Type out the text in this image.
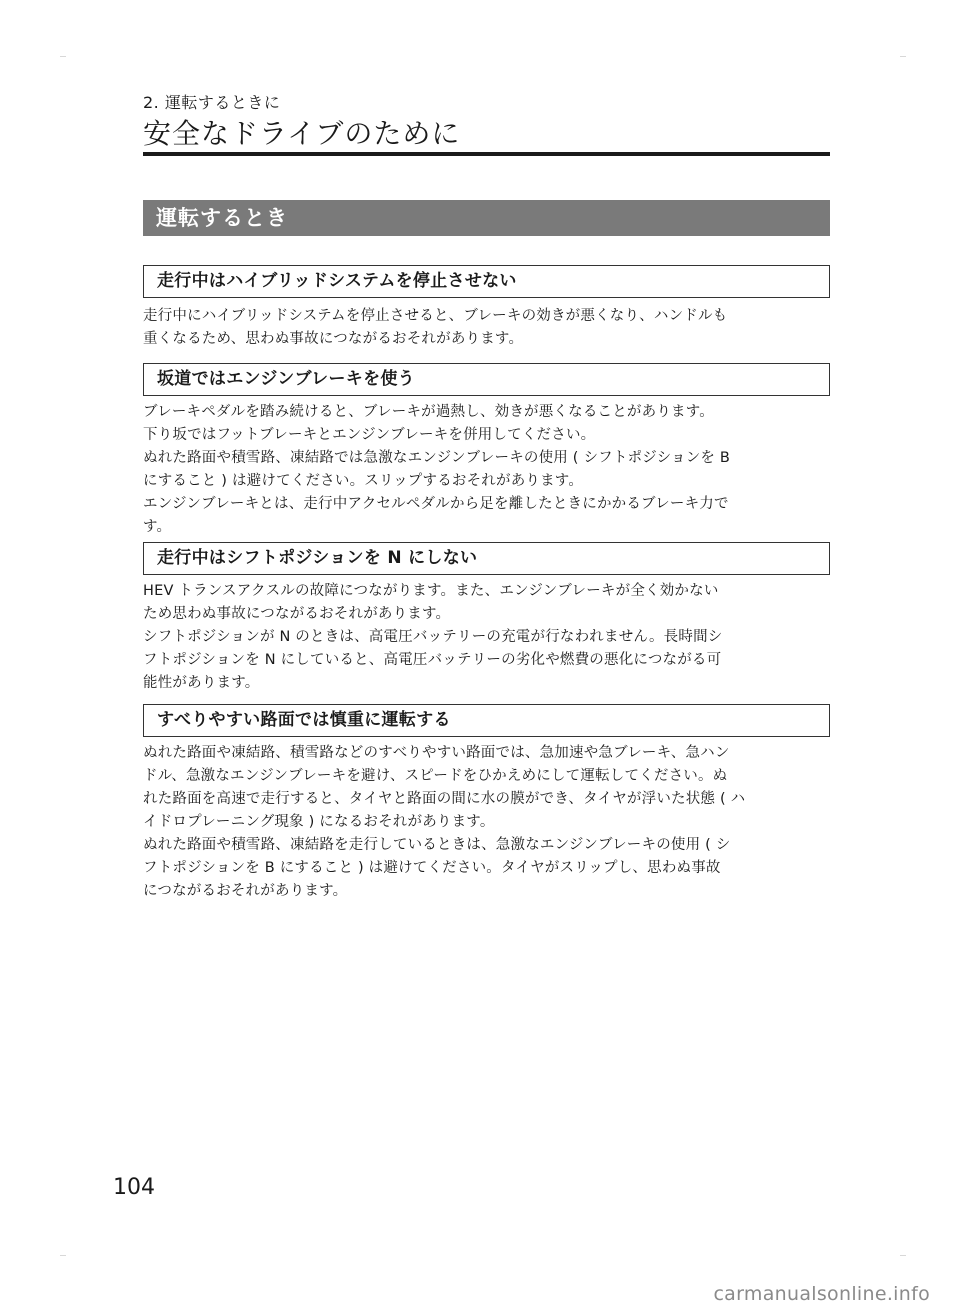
2. 運転するときに
安全なドライブのために
運転するとき
走行中はハイブリッドシステムを停止させない
走行中にハイブリッドシステムを停止させると、ブレーキの効きが悪くなり、ハンドルも
重くなるため、思わぬ事故につながるおそれがあります。
坂道ではエンジンブレーキを使う
ブレーキペダルを踏み続けると、ブレーキが過熱し、効きが悪くなることがあります。
下り坂ではフットブレーキとエンジンブレーキを併用してください。
ぬれた路面や積雪路、凍結路では急激なエンジンブレーキの使用 ( シフトポジションを B
にすること ) は避けてください。スリップするおそれがあります。
エンジンブレーキとは、走行中アクセルペダルから足を離したときにかかるブレーキ力で
す。
走行中はシフトポジションを N にしない
HEV トランスアクスルの故障につながります。また、エンジンブレーキが全く効かない
ため思わぬ事故につながるおそれがあります。
シフトポジションが N のときは、高電圧バッテリーの充電が行なわれません。長時間シ
フトポジションを N にしていると、高電圧バッテリーの劣化や燃費の悪化につながる可
能性があります。
すべりやすい路面では慎重に運転する
ぬれた路面や凍結路、積雪路などのすべりやすい路面では、急加速や急ブレーキ、急ハン
ドル、急激なエンジンブレーキを避け、スピードをひかえめにして運転してください。ぬ
れた路面を高速で走行すると、タイヤと路面の間に水の膜ができ、タイヤが浮いた状態 ( ハ
イドロプレーニング現象 ) になるおそれがあります。
ぬれた路面や積雪路、凍結路を走行しているときは、急激なエンジンブレーキの使用 ( シ
フトポジションを B にすること ) は避けてください。タイヤがスリップし、思わぬ事故
につながるおそれがあります。
104
carmanualsonline.info
